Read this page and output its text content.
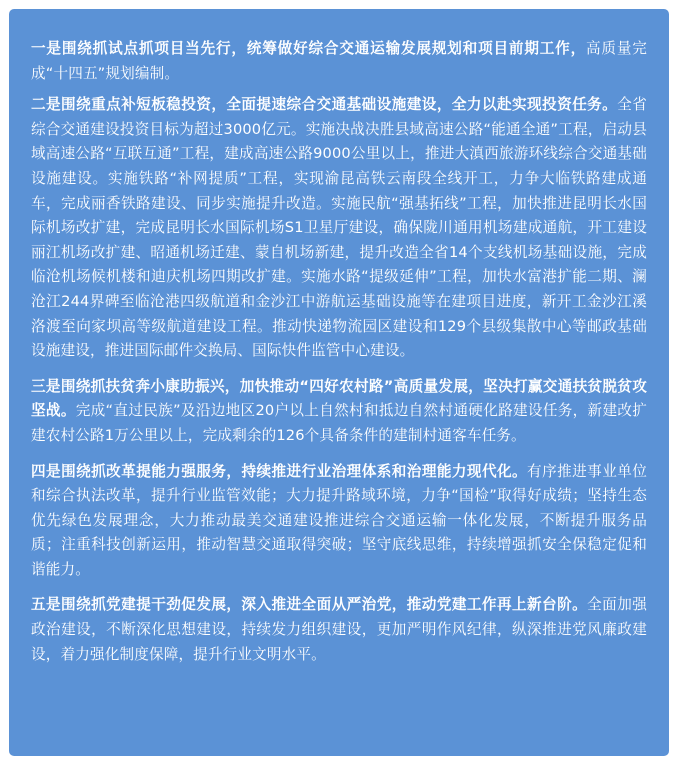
一是围绕抓试点抓项目当先行，统筹做好综合交通运输发展规划和项目前期工作，高质量完成“十四五”规划编制。

二是围绕重点补短板稳投资，全面提速综合交通基础设施建设，全力以赴实现投资任务。全省综合交通建设投资目标为超过3000亿元。实施决战决胜县域高速公路“能通全通”工程，启动县域高速公路“互联互通”工程，建成高速公路9000公里以上，推进大滇西旅游环线综合交通基础设施建设。实施铁路“补网提质”工程，实现渝昆高铁云南段全线开工，力争大临铁路建成通车，完成丽香铁路建设、同步实施提升改造。实施民航“强基拓线”工程，加快推进昆明长水国际机场改扩建，完成昆明长水国际机场S1卫星厅建设，确保陇川通用机场建成通航，开工建设丽江机场改扩建、昭通机场迁建、蒙自机场新建，提升改造全省14个支线机场基础设施，完成临沧机场候机楼和迪庆机场四期改扩建。实施水路“提级延伸”工程，加快水富港扩能二期、澜沧江244界碑至临沧港四级航道和金沙江中游航运基础设施等在建项目进度，新开工金沙江溪洛渡至向家坝高等级航道建设工程。推动快递物流园区建设和129个县级集散中心等邮政基础设施建设，推进国际邮件交换局、国际快件监管中心建设。

三是围绕抓扶贫奔小康助振兴，加快推动“四好农村路”高质量发展，坚决打赢交通扶贫脱贫攻坚战。完成“直过民族”及沿边地区20户以上自然村和抵边自然村通硬化路建设任务，新建改扩建农村公路1万公里以上，完成剩余的126个具备条件的建制村通客车任务。

四是围绕抓改革提能力强服务，持续推进行业治理体系和治理能力现代化。有序推进事业单位和综合执法改革，提升行业监管效能；大力提升路域环境，力争“国检”取得好成绩；坚持生态优先绿色发展理念，大力推动最美交通建设推进综合交通运输一体化发展，不断提升服务品质；注重科技创新运用，推动智慧交通取得突破；坚守底线思维，持续增强抓安全保稳定促和谐能力。

五是围绕抓党建提干劲促发展，深入推进全面从严治党，推动党建工作再上新台阶。全面加强政治建设，不断深化思想建设，持续发力组织建设，更加严明作风纪律，纵深推进党风廉政建设，着力强化制度保障，提升行业文明水平。
